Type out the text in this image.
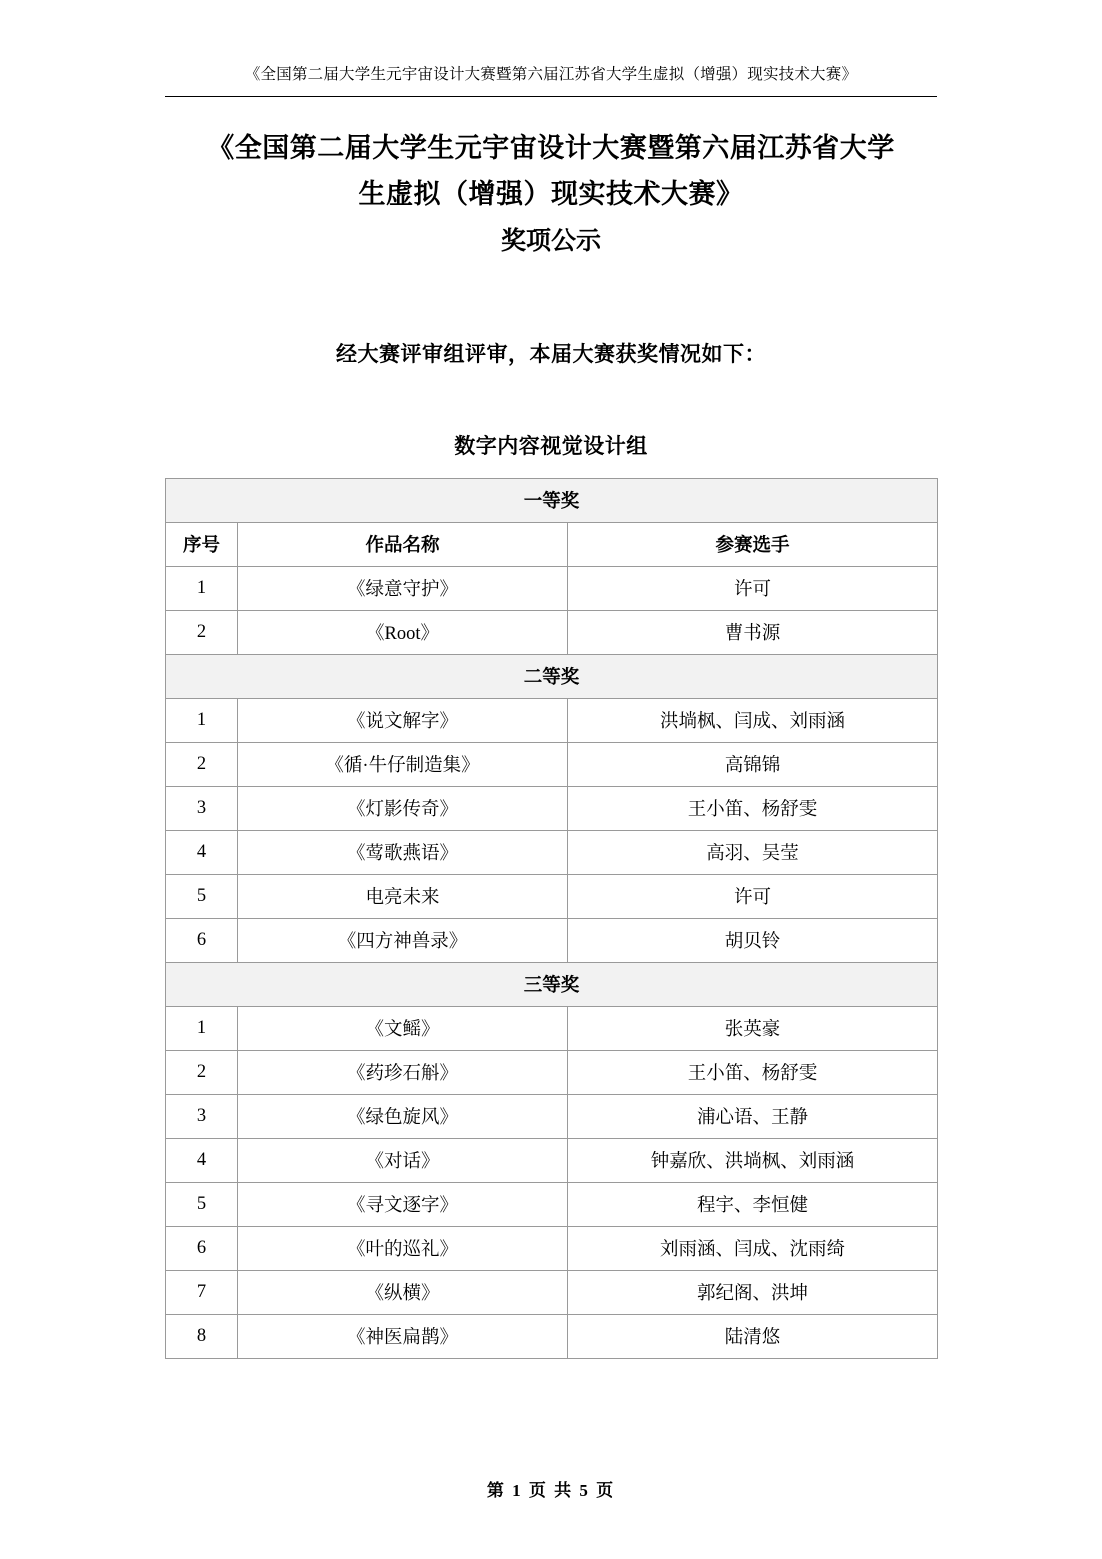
《全国第二届大学生元宇宙设计大赛暨第六届江苏省大学生虚拟（增强）现实技术大赛》
《全国第二届大学生元宇宙设计大赛暨第六届江苏省大学
生虚拟（增强）现实技术大赛》
奖项公示
经大赛评审组评审，本届大赛获奖情况如下：
数字内容视觉设计组
一等奖		
序号	作品名称	参赛选手
1	《绿意守护》	许可
2	《Root》	曹书源
二等奖		
1	《说文解字》	洪埫枫、闫成、刘雨涵
2	《循·牛仔制造集》	高锦锦
3	《灯影传奇》	王小笛、杨舒雯
4	《莺歌燕语》	高羽、吴莹
5	电亮未来	许可
6	《四方神兽录》	胡贝铃
三等奖		
1	《文鳐》	张英豪
2	《药珍石斛》	王小笛、杨舒雯
3	《绿色旋风》	浦心语、王静
4	《对话》	钟嘉欣、洪埫枫、刘雨涵
5	《寻文逐字》	程宇、李恒健
6	《叶的巡礼》	刘雨涵、闫成、沈雨绮
7	《纵横》	郭纪阁、洪坤
8	《神医扁鹊》	陆清悠
第 1 页 共 5 页
